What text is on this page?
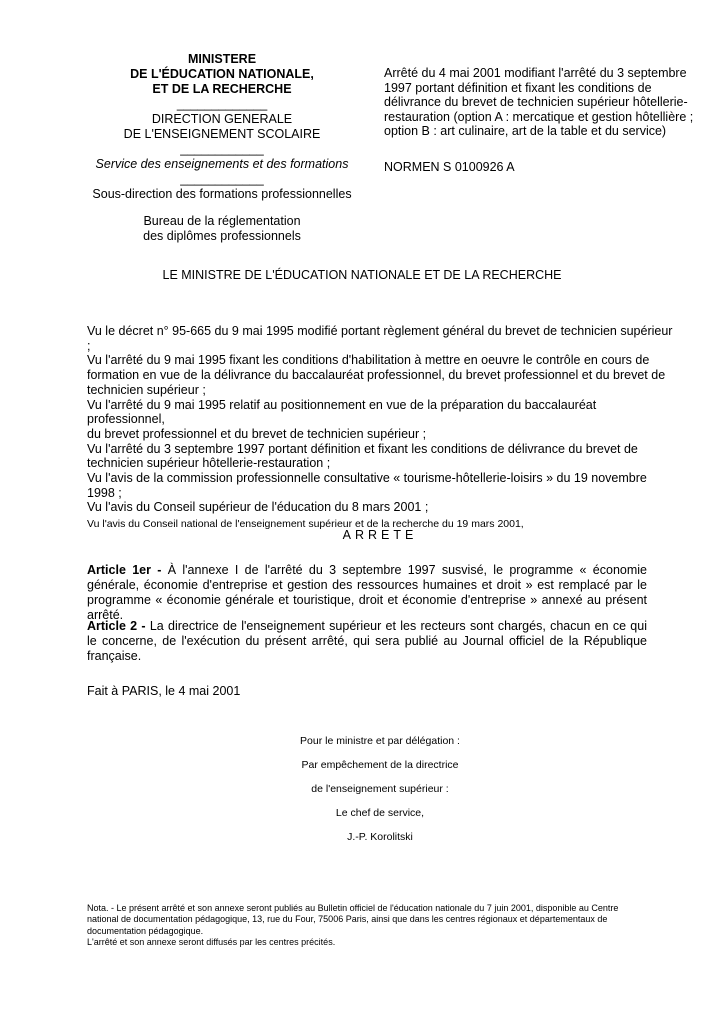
MINISTERE
DE L'ÉDUCATION NATIONALE,
ET DE LA RECHERCHE
_____________
DIRECTION GENERALE
DE L'ENSEIGNEMENT SCOLAIRE
____________
Service des enseignements et des formations
____________
Sous-direction des formations professionnelles
Bureau de la réglementation
des diplômes professionnels
Arrêté du 4 mai 2001 modifiant l'arrêté du 3 septembre
1997 portant définition et fixant les conditions de
délivrance du brevet de technicien supérieur hôtellerie-
restauration (option A : mercatique et gestion hôtellière ;
option B : art culinaire, art de la table et du service)
NORMEN S 0100926 A
LE MINISTRE DE L'ÉDUCATION NATIONALE ET DE LA RECHERCHE

Vu le décret n° 95-665 du 9 mai 1995 modifié portant règlement général du brevet de technicien supérieur ;

Vu l'arrêté du 9 mai 1995 fixant les conditions d'habilitation à mettre en oeuvre le contrôle en cours de

formation en vue de la délivrance du baccalauréat professionnel, du brevet professionnel et du brevet de

technicien supérieur ;

Vu l'arrêté du 9 mai 1995 relatif au positionnement en vue de la préparation du baccalauréat professionnel,

du brevet professionnel et du brevet de technicien supérieur ;

Vu l'arrêté du 3 septembre 1997 portant définition et fixant les conditions de délivrance du brevet de

technicien supérieur hôtellerie-restauration ;

Vu l'avis de la commission professionnelle consultative « tourisme-hôtellerie-loisirs » du 19 novembre 1998 ;

Vu l'avis du Conseil supérieur de l'éducation du 8 mars 2001 ;

Vu l'avis du Conseil national de l'enseignement supérieur et de la recherche du 19 mars 2001,

ARRETE
Article 1er - À l'annexe I de l'arrêté du 3 septembre 1997 susvisé, le programme « économie générale, économie d'entreprise et gestion des ressources humaines et droit » est remplacé par le programme « économie générale et touristique, droit et économie d'entreprise » annexé au présent arrêté.
Article 2 - La directrice de l'enseignement supérieur et les recteurs sont chargés, chacun en ce qui le concerne, de l'exécution du présent arrêté, qui sera publié au Journal officiel de la République française.
Fait à PARIS, le 4 mai 2001
Pour le ministre et par délégation :
Par empêchement de la directrice
de l'enseignement supérieur :
Le chef de service,
J.-P. Korolitski

Nota. - Le présent arrêté et son annexe seront publiés au Bulletin officiel de l'éducation nationale du 7 juin 2001, disponible au Centre

national de documentation pédagogique, 13, rue du Four, 75006 Paris, ainsi que dans les centres régionaux et départementaux de

documentation pédagogique.

L'arrêté et son annexe seront diffusés par les centres précités.
